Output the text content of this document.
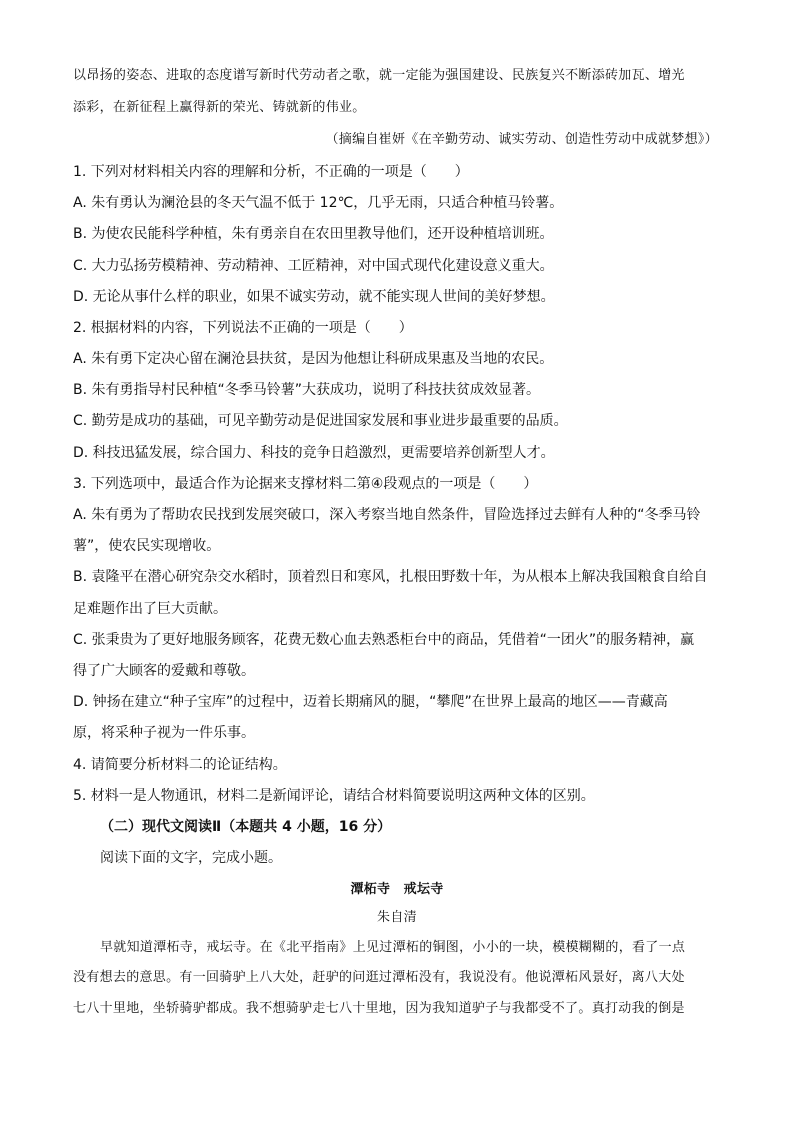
以昂扬的姿态、进取的态度谱写新时代劳动者之歌，就一定能为强国建设、民族复兴不断添砖加瓦、增光
添彩，在新征程上赢得新的荣光、铸就新的伟业。
（摘编自崔妍《在辛勤劳动、诚实劳动、创造性劳动中成就梦想》）
1. 下列对材料相关内容的理解和分析，不正确的一项是（　　）
A. 朱有勇认为澜沧县的冬天气温不低于 12℃，几乎无雨，只适合种植马铃薯。
B. 为使农民能科学种植，朱有勇亲自在农田里教导他们，还开设种植培训班。
C. 大力弘扬劳模精神、劳动精神、工匠精神，对中国式现代化建设意义重大。
D. 无论从事什么样的职业，如果不诚实劳动，就不能实现人世间的美好梦想。
2. 根据材料的内容，下列说法不正确的一项是（　　）
A. 朱有勇下定决心留在澜沧县扶贫，是因为他想让科研成果惠及当地的农民。
B. 朱有勇指导村民种植“冬季马铃薯”大获成功，说明了科技扶贫成效显著。
C. 勤劳是成功的基础，可见辛勤劳动是促进国家发展和事业进步最重要的品质。
D. 科技迅猛发展，综合国力、科技的竞争日趋激烈，更需要培养创新型人才。
3. 下列选项中，最适合作为论据来支撑材料二第④段观点的一项是（　　）
A. 朱有勇为了帮助农民找到发展突破口，深入考察当地自然条件，冒险选择过去鲜有人种的“冬季马铃
薯”，使农民实现增收。
B. 袁隆平在潜心研究杂交水稻时，顶着烈日和寒风，扎根田野数十年，为从根本上解决我国粮食自给自
足难题作出了巨大贡献。
C. 张秉贵为了更好地服务顾客，花费无数心血去熟悉柜台中的商品，凭借着“一团火”的服务精神，赢
得了广大顾客的爱戴和尊敬。
D. 钟扬在建立“种子宝库”的过程中，迈着长期痛风的腿，“攀爬”在世界上最高的地区——青藏高
原，将采种子视为一件乐事。
4. 请简要分析材料二的论证结构。
5. 材料一是人物通讯，材料二是新闻评论，请结合材料简要说明这两种文体的区别。
（二）现代文阅读Ⅱ（本题共 4 小题，16 分）
阅读下面的文字，完成小题。
潭柘寺　戒坛寺
朱自清
早就知道潭柘寺，戒坛寺。在《北平指南》上见过潭柘的铜图，小小的一块，模模糊糊的，看了一点
没有想去的意思。有一回骑驴上八大处，赶驴的问逛过潭柘没有，我说没有。他说潭柘风景好，离八大处
七八十里地，坐轿骑驴都成。我不想骑驴走七八十里地，因为我知道驴子与我都受不了。真打动我的倒是
